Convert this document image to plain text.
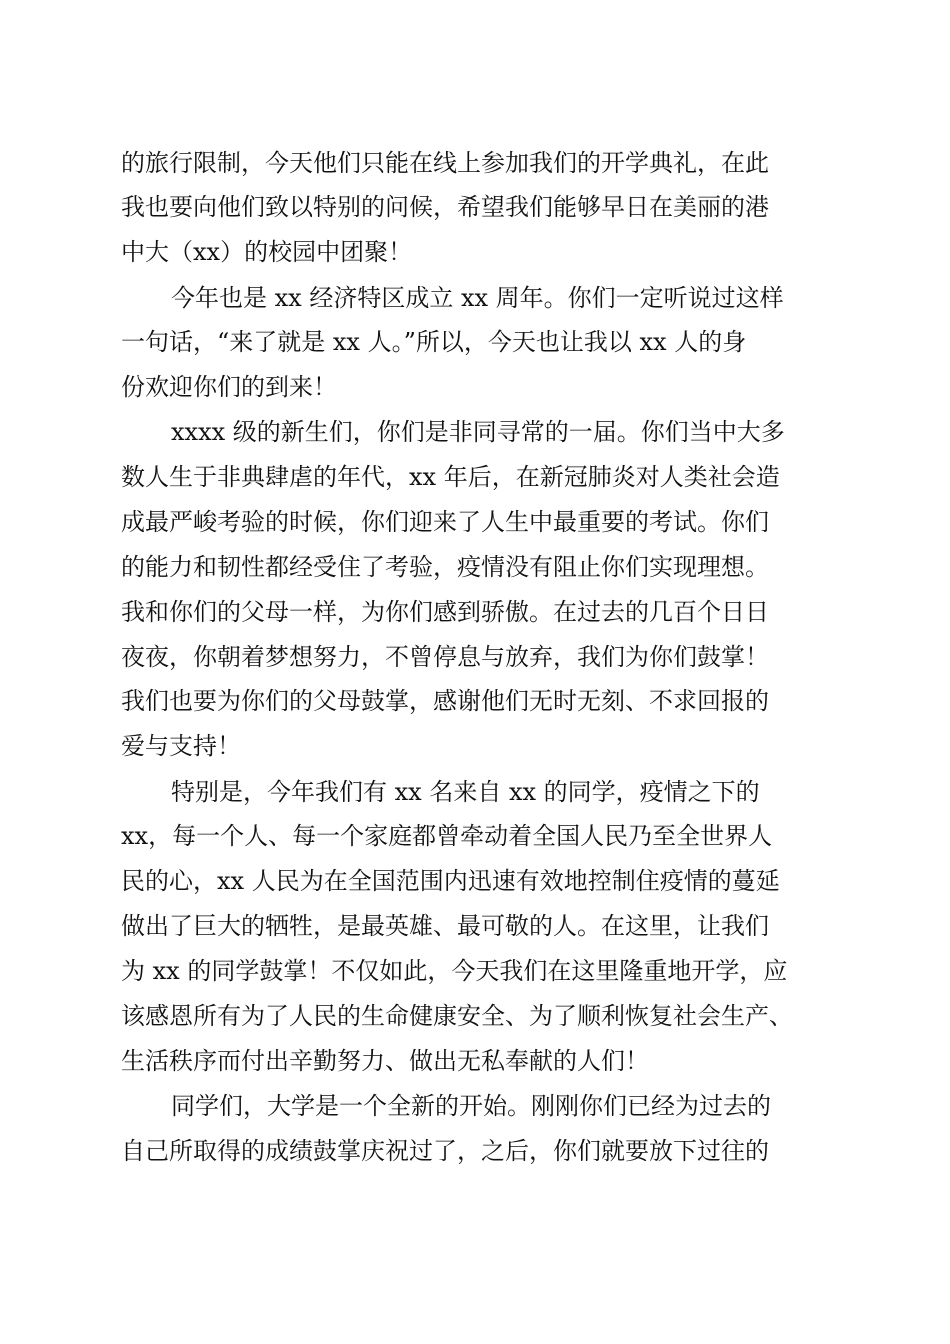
的旅行限制，今天他们只能在线上参加我们的开学典礼，在此
我也要向他们致以特别的问候，希望我们能够早日在美丽的港
中大（xx）的校园中团聚！
今年也是 xx 经济特区成立 xx 周年。你们一定听说过这样
一句话，“来了就是 xx 人。”所以，今天也让我以 xx 人的身
份欢迎你们的到来！
xxxx 级的新生们，你们是非同寻常的一届。你们当中大多
数人生于非典肆虐的年代，xx 年后，在新冠肺炎对人类社会造
成最严峻考验的时候，你们迎来了人生中最重要的考试。你们
的能力和韧性都经受住了考验，疫情没有阻止你们实现理想。
我和你们的父母一样，为你们感到骄傲。在过去的几百个日日
夜夜，你朝着梦想努力，不曾停息与放弃，我们为你们鼓掌！
我们也要为你们的父母鼓掌，感谢他们无时无刻、不求回报的
爱与支持！
特别是，今年我们有 xx 名来自 xx 的同学，疫情之下的
xx，每一个人、每一个家庭都曾牵动着全国人民乃至全世界人
民的心，xx 人民为在全国范围内迅速有效地控制住疫情的蔓延
做出了巨大的牺牲，是最英雄、最可敬的人。在这里，让我们
为 xx 的同学鼓掌！不仅如此，今天我们在这里隆重地开学，应
该感恩所有为了人民的生命健康安全、为了顺利恢复社会生产、
生活秩序而付出辛勤努力、做出无私奉献的人们！
同学们，大学是一个全新的开始。刚刚你们已经为过去的
自己所取得的成绩鼓掌庆祝过了，之后，你们就要放下过往的
